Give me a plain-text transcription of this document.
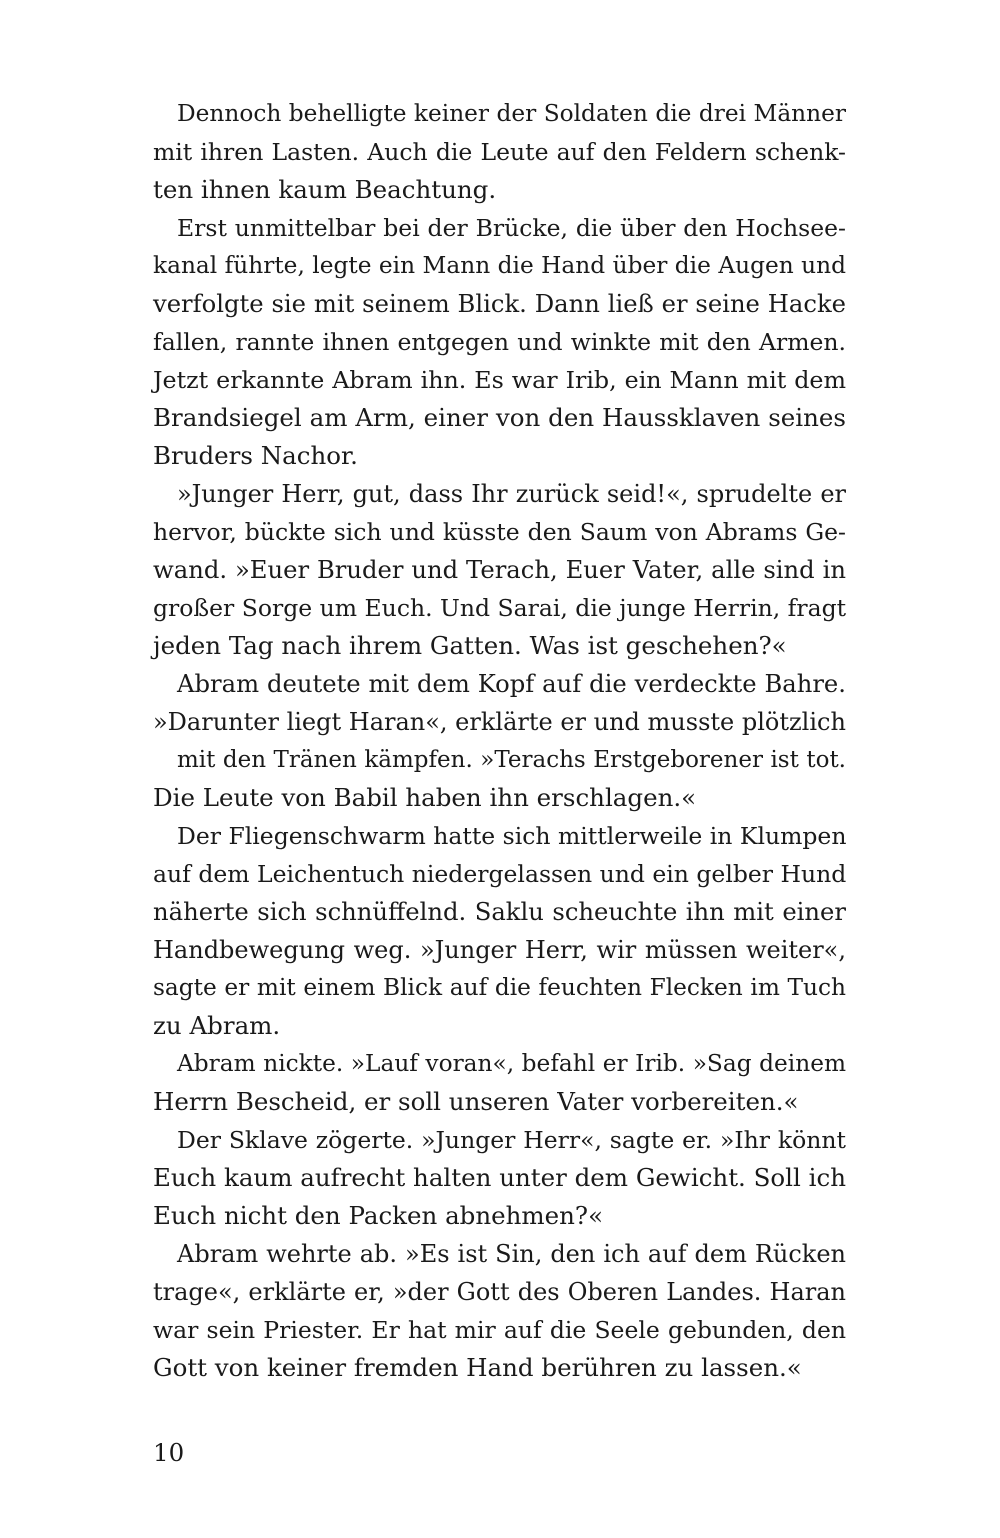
Dennoch behelligte keiner der Soldaten die drei Männer
mit ihren Lasten. Auch die Leute auf den Feldern schenk-
ten ihnen kaum Beachtung.
Erst unmittelbar bei der Brücke, die über den Hochsee-
kanal führte, legte ein Mann die Hand über die Augen und
verfolgte sie mit seinem Blick. Dann ließ er seine Hacke
fallen, rannte ihnen entgegen und winkte mit den Armen.
Jetzt erkannte Abram ihn. Es war Irib, ein Mann mit dem
Brandsiegel am Arm, einer von den Haussklaven seines
Bruders Nachor.
»Junger Herr, gut, dass Ihr zurück seid!«, sprudelte er
hervor, bückte sich und küsste den Saum von Abrams Ge-
wand. »Euer Bruder und Terach, Euer Vater, alle sind in
großer Sorge um Euch. Und Sarai, die junge Herrin, fragt
jeden Tag nach ihrem Gatten. Was ist geschehen?«
Abram deutete mit dem Kopf auf die verdeckte Bahre.
»Darunter liegt Haran«, erklärte er und musste plötzlich
mit den Tränen kämpfen. »Terachs Erstgeborener ist tot.
Die Leute von Babil haben ihn erschlagen.«
Der Fliegenschwarm hatte sich mittlerweile in Klumpen
auf dem Leichentuch niedergelassen und ein gelber Hund
näherte sich schnüffelnd. Saklu scheuchte ihn mit einer
Handbewegung weg. »Junger Herr, wir müssen weiter«,
sagte er mit einem Blick auf die feuchten Flecken im Tuch
zu Abram.
Abram nickte. »Lauf voran«, befahl er Irib. »Sag deinem
Herrn Bescheid, er soll unseren Vater vorbereiten.«
Der Sklave zögerte. »Junger Herr«, sagte er. »Ihr könnt
Euch kaum aufrecht halten unter dem Gewicht. Soll ich
Euch nicht den Packen abnehmen?«
Abram wehrte ab. »Es ist Sin, den ich auf dem Rücken
trage«, erklärte er, »der Gott des Oberen Landes. Haran
war sein Priester. Er hat mir auf die Seele gebunden, den
Gott von keiner fremden Hand berühren zu lassen.«
10
